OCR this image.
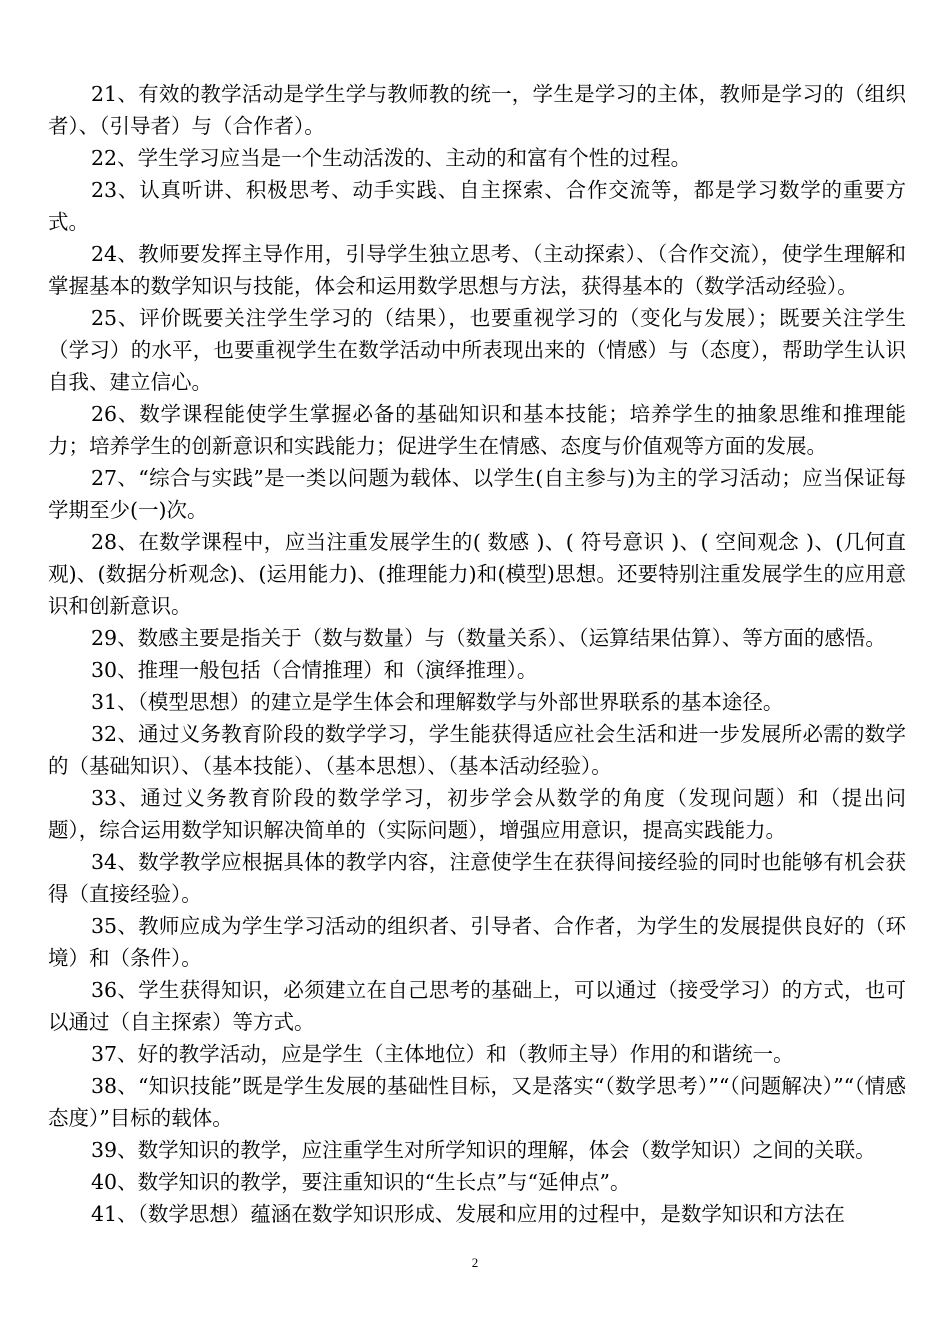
21、有效的教学活动是学生学与教师教的统一，学生是学习的主体，教师是学习的（组织者）、（引导者）与（合作者）。

22、学生学习应当是一个生动活泼的、主动的和富有个性的过程。

23、认真听讲、积极思考、动手实践、自主探索、合作交流等，都是学习数学的重要方式。

24、教师要发挥主导作用，引导学生独立思考、（主动探索）、（合作交流），使学生理解和掌握基本的数学知识与技能，体会和运用数学思想与方法，获得基本的（数学活动经验）。

25、评价既要关注学生学习的（结果），也要重视学习的（变化与发展）；既要关注学生（学习）的水平，也要重视学生在数学活动中所表现出来的（情感）与（态度），帮助学生认识自我、建立信心。

26、数学课程能使学生掌握必备的基础知识和基本技能；培养学生的抽象思维和推理能力；培养学生的创新意识和实践能力；促进学生在情感、态度与价值观等方面的发展。

27、“综合与实践”是一类以问题为载体、以学生(自主参与)为主的学习活动；应当保证每学期至少(一)次。

28、在数学课程中，应当注重发展学生的( 数感 )、( 符号意识 )、( 空间观念 )、(几何直观)、(数据分析观念)、(运用能力)、(推理能力)和(模型)思想。还要特别注重发展学生的应用意识和创新意识。

29、数感主要是指关于（数与数量）与（数量关系）、（运算结果估算）、等方面的感悟。

30、推理一般包括（合情推理）和（演绎推理）。

31、（模型思想）的建立是学生体会和理解数学与外部世界联系的基本途径。

32、通过义务教育阶段的数学学习，学生能获得适应社会生活和进一步发展所必需的数学的（基础知识）、（基本技能）、（基本思想）、（基本活动经验）。

33、通过义务教育阶段的数学学习，初步学会从数学的角度（发现问题）和（提出问题），综合运用数学知识解决简单的（实际问题），增强应用意识，提高实践能力。

34、数学教学应根据具体的教学内容，注意使学生在获得间接经验的同时也能够有机会获得（直接经验）。

35、教师应成为学生学习活动的组织者、引导者、合作者，为学生的发展提供良好的（环境）和（条件）。

36、学生获得知识，必须建立在自己思考的基础上，可以通过（接受学习）的方式，也可以通过（自主探索）等方式。

37、好的教学活动，应是学生（主体地位）和（教师主导）作用的和谐统一。

38、“知识技能”既是学生发展的基础性目标，又是落实“（数学思考）”“（问题解决）”“（情感态度）”目标的载体。

39、数学知识的教学，应注重学生对所学知识的理解，体会（数学知识）之间的关联。

40、数学知识的教学，要注重知识的“生长点”与“延伸点”。

41、（数学思想）蕴涵在数学知识形成、发展和应用的过程中，是数学知识和方法在

2
